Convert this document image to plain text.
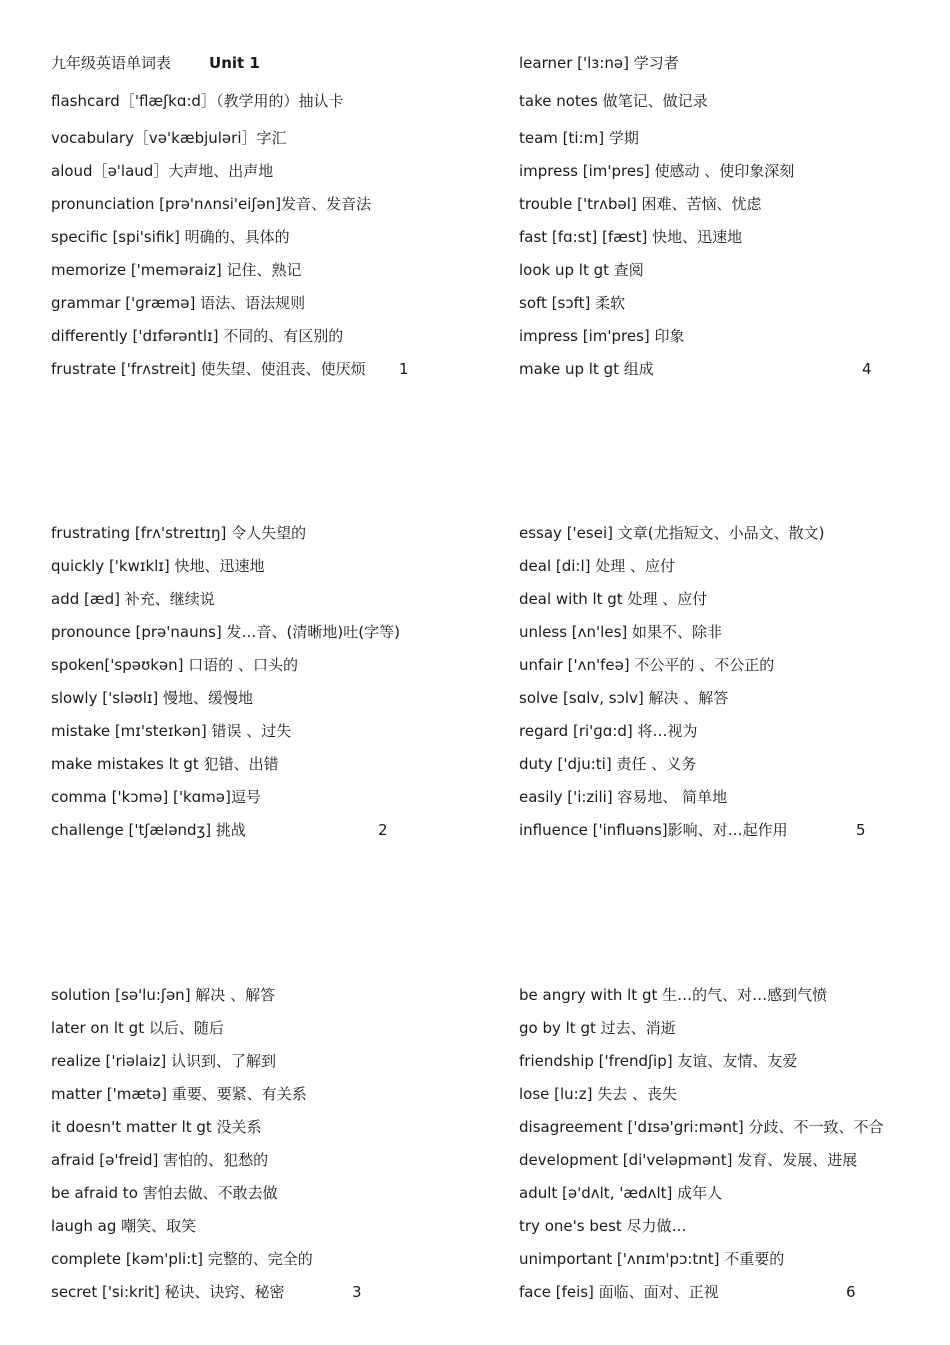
九年级英语单词表	Unit 1
flashcard［'flæʃkɑ:d］（教学用的）抽认卡
vocabulary［və'kæbjuləri］字汇
aloud［ə'laud］大声地、出声地
pronunciation [prə'nʌnsi'eiʃən]发音、发音法
specific [spi'sifik] 明确的、具体的
memorize ['memәraiz] 记住、熟记
grammar ['ɡræmə] 语法、语法规则
differently ['dɪfərəntlɪ] 不同的、有区别的
frustrate ['frʌstreit] 使失望、使沮丧、使厌烦 1
learner ['lɜ:nə] 学习者
take notes 做笔记、做记录
team [ti:m] 学期
impress [im'pres] 使感动 、使印象深刻
trouble ['trʌbəl] 困难、苦恼、忧虑
fast [fɑ:st] [fæst] 快地、迅速地
look up lt gt 查阅
soft [sɔft] 柔软
impress [im'pres] 印象
make up lt gt 组成	4
frustrating [frʌ'streɪtɪŋ] 令人失望的
quickly ['kwɪklɪ] 快地、迅速地
add [æd] 补充、继续说
pronounce [prə'nauns] 发…音、(清晰地)吐(字等)
spoken['spəʊkən] 口语的 、口头的
slowly ['sləʊlɪ] 慢地、缓慢地
mistake [mɪ'steɪkən] 错误 、过失
make mistakes lt gt 犯错、出错
comma ['kɔmə] ['kɑmə]逗号
challenge ['tʃæləndʒ] 挑战	2
essay ['esei] 文章(尤指短文、小品文、散文)
deal [di:l] 处理 、应付
deal with lt gt 处理 、应付
unless [ʌn'les] 如果不、除非
unfair ['ʌn'feə] 不公平的 、不公正的
solve [sɑlv, sɔlv] 解决 、解答
regard [ri'ɡɑ:d] 将…视为
duty ['dju:ti] 责任 、义务
easily ['i:zili] 容易地、 简单地
influence ['influəns]影响、对…起作用	5
solution [sə'lu:ʃən] 解决 、解答
later on lt gt 以后、随后
realize ['riəlaiz] 认识到、了解到
matter ['mætə] 重要、要紧、有关系
it doesn't matter lt gt 没关系
afraid [ə'freid] 害怕的、犯愁的
be afraid to 害怕去做、不敢去做
laugh ag 嘲笑、取笑
complete [kəm'pli:t] 完整的、完全的
secret ['si:krit] 秘诀、诀窍、秘密	3
be angry with lt gt 生…的气、对…感到气愤
go by lt gt 过去、消逝
friendship ['frendʃip] 友谊、友情、友爱
lose [lu:z] 失去 、丧失
disagreement ['dɪsə'gri:mənt] 分歧、不一致、不合
development [di'veləpmənt] 发育、发展、进展
adult [ə'dʌlt, 'ædʌlt] 成年人
try one's best 尽力做…
unimportant ['ʌnɪm'pɔ:tnt] 不重要的
face [feis] 面临、面对、正视	6
